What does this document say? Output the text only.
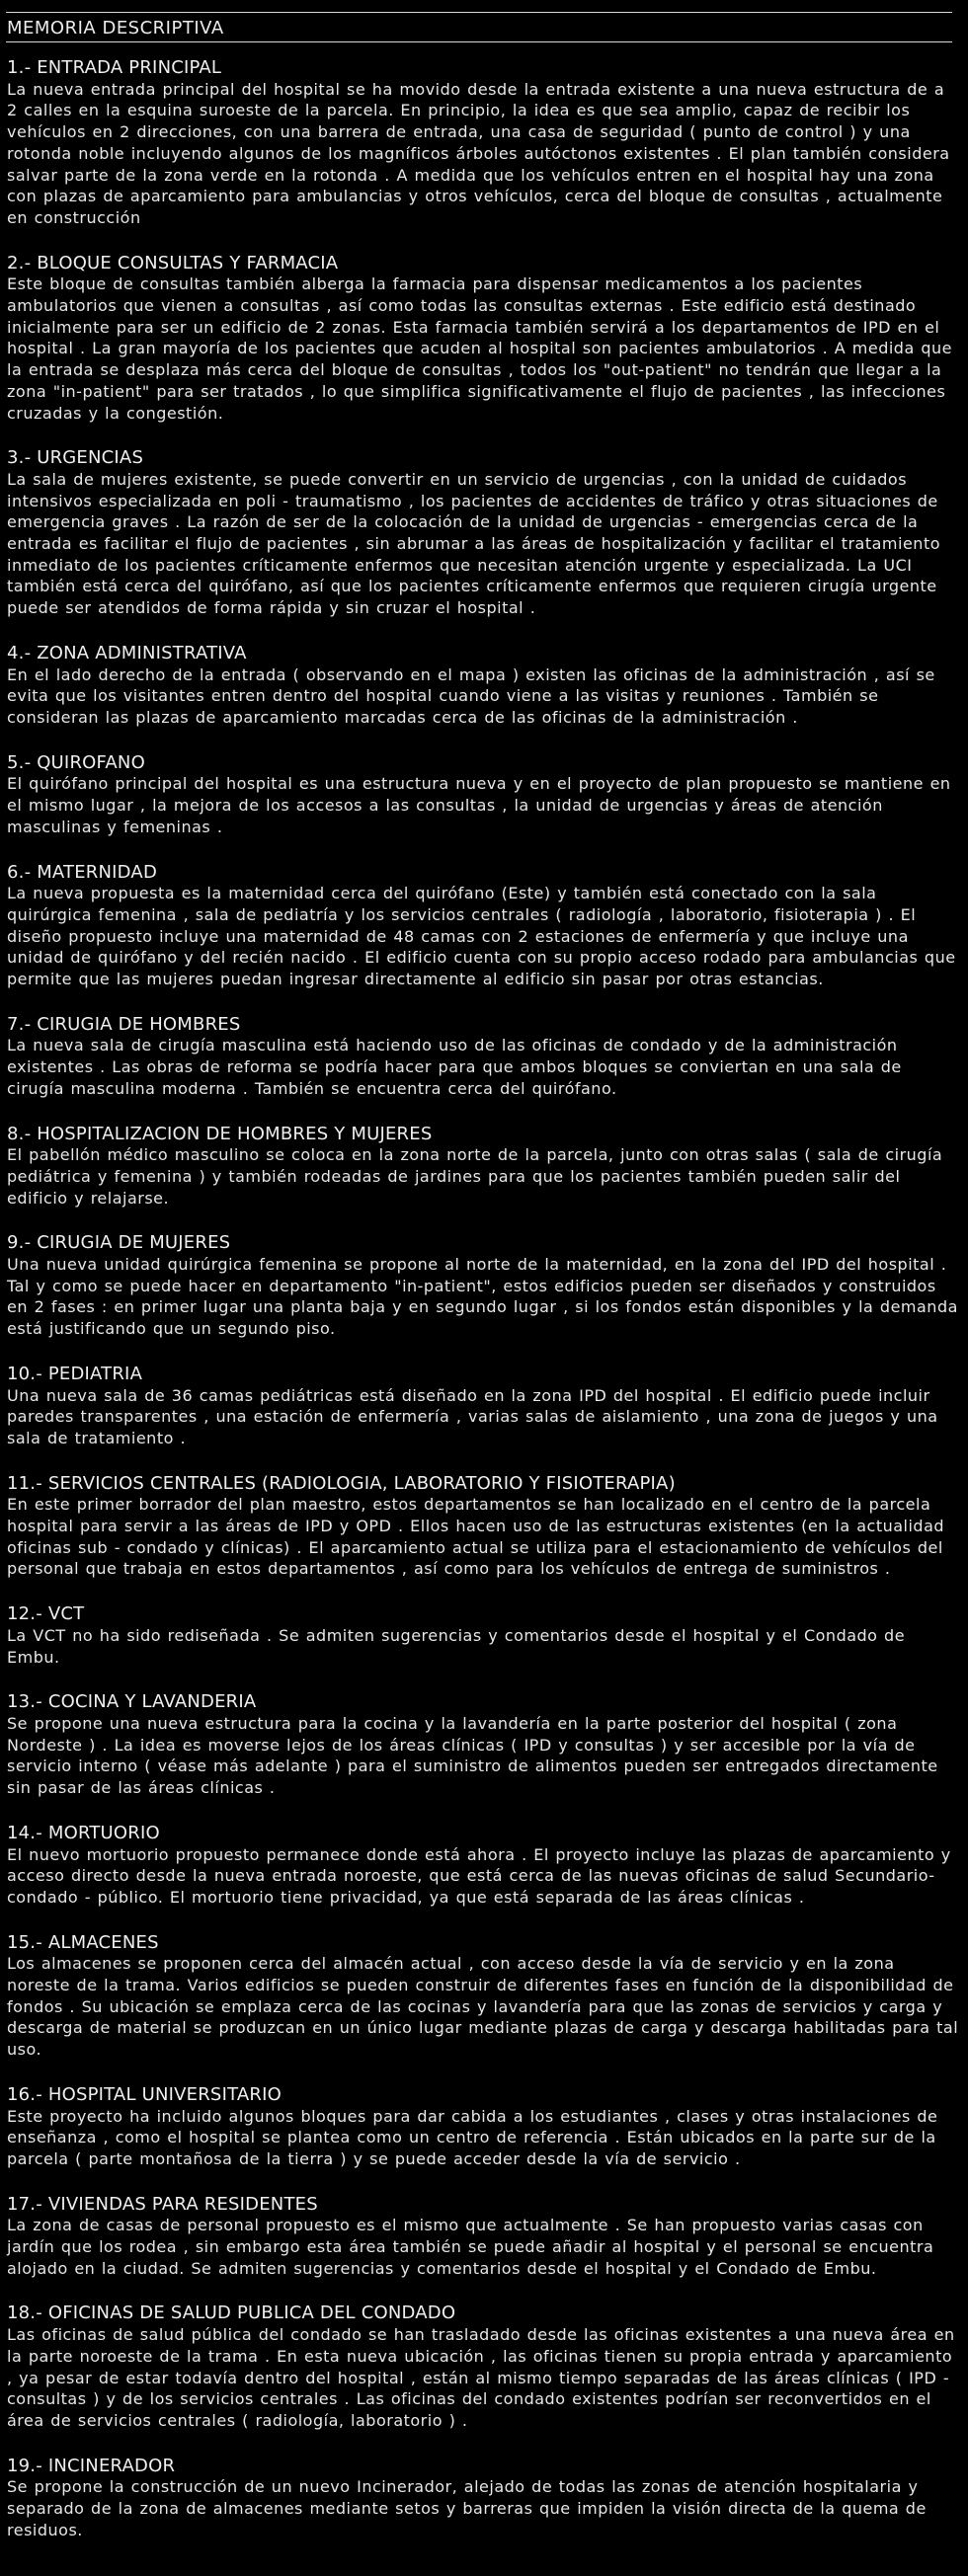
MEMORIA DESCRIPTIVA
1.- ENTRADA PRINCIPAL
La nueva entrada principal del hospital se ha movido desde la entrada existente a una nueva estructura de a 2 calles en la esquina suroeste de la parcela. En principio, la idea es que sea amplio, capaz de recibir los vehículos en 2 direcciones, con una barrera de entrada, una casa de seguridad ( punto de control ) y una rotonda noble incluyendo algunos de los magníficos árboles autóctonos existentes . El plan también considera salvar parte de la zona verde en la rotonda . A medida que los vehículos entren en el hospital hay una zona con plazas de aparcamiento para ambulancias y otros vehículos, cerca del bloque de consultas , actualmente en construcción
2.- BLOQUE CONSULTAS Y FARMACIA
Este bloque de consultas también alberga la farmacia para dispensar medicamentos a los pacientes ambulatorios que vienen a consultas , así como todas las consultas externas . Este edificio está destinado inicialmente para ser un edificio de 2 zonas. Esta farmacia también servirá a los departamentos de IPD en el hospital . La gran mayoría de los pacientes que acuden al hospital son pacientes ambulatorios . A medida que la entrada se desplaza más cerca del bloque de consultas , todos los "out-patient" no tendrán que llegar a la zona "in-patient" para ser tratados , lo que simplifica significativamente el flujo de pacientes , las infecciones cruzadas y la congestión.
3.- URGENCIAS
La sala de mujeres existente, se puede convertir en un servicio de urgencias , con la unidad de cuidados intensivos especializada en poli - traumatismo , los pacientes de accidentes de tráfico y otras situaciones de emergencia graves . La razón de ser de la colocación de la unidad de urgencias - emergencias cerca de la entrada es facilitar el flujo de pacientes , sin abrumar a las áreas de hospitalización y facilitar el tratamiento inmediato de los pacientes críticamente enfermos que necesitan atención urgente y especializada. La UCI también está cerca del quirófano, así que los pacientes críticamente enfermos que requieren cirugía urgente puede ser atendidos de forma rápida y sin cruzar el hospital .
4.- ZONA ADMINISTRATIVA
En el lado derecho de la entrada ( observando en el mapa ) existen las oficinas de la administración , así se evita que los visitantes entren dentro del hospital cuando viene a las visitas y reuniones . También se consideran las plazas de aparcamiento marcadas cerca de las oficinas de la administración .
5.- QUIROFANO
El quirófano principal del hospital es una estructura nueva y en el proyecto de plan propuesto se mantiene en el mismo lugar , la mejora de los accesos a las consultas , la unidad de urgencias y áreas de atención masculinas y femeninas .
6.- MATERNIDAD
La nueva propuesta es la maternidad cerca del quirófano (Este) y también está conectado con la sala quirúrgica femenina , sala de pediatría y los servicios centrales ( radiología , laboratorio, fisioterapia ) . El diseño propuesto incluye una maternidad de 48 camas con 2 estaciones de enfermería y que incluye una unidad de quirófano y del recién nacido . El edificio cuenta con su propio acceso rodado para ambulancias que permite que las mujeres puedan ingresar directamente al edificio sin pasar por otras estancias.
7.- CIRUGIA DE HOMBRES
La nueva sala de cirugía masculina está haciendo uso de las oficinas de condado y de la administración existentes . Las obras de reforma se podría hacer para que ambos bloques se conviertan en una sala de cirugía masculina moderna . También se encuentra cerca del quirófano.
8.- HOSPITALIZACION DE HOMBRES Y MUJERES
El pabellón médico masculino se coloca en la zona norte de la parcela, junto con otras salas ( sala de cirugía pediátrica y femenina ) y también rodeadas de jardines para que los pacientes también pueden salir del edificio y relajarse.
9.- CIRUGIA DE MUJERES
Una nueva unidad quirúrgica femenina se propone al norte de la maternidad, en la zona del IPD del hospital . Tal y como se puede hacer en departamento "in-patient", estos edificios pueden ser diseñados y construidos en 2 fases : en primer lugar una planta baja y en segundo lugar , si los fondos están disponibles y la demanda está justificando que un segundo piso.
10.- PEDIATRIA
Una nueva sala de 36 camas pediátricas está diseñado en la zona IPD del hospital . El edificio puede incluir paredes transparentes , una estación de enfermería , varias salas de aislamiento , una zona de juegos y una sala de tratamiento .
11.- SERVICIOS CENTRALES (RADIOLOGIA, LABORATORIO Y FISIOTERAPIA)
En este primer borrador del plan maestro, estos departamentos se han localizado en el centro de la parcela hospital para servir a las áreas de IPD y OPD . Ellos hacen uso de las estructuras existentes (en la actualidad oficinas sub - condado y clínicas) . El aparcamiento actual se utiliza para el estacionamiento de vehículos del personal que trabaja en estos departamentos , así como para los vehículos de entrega de suministros .
12.- VCT
La VCT no ha sido rediseñada . Se admiten sugerencias y comentarios desde el hospital y el Condado de Embu.
13.- COCINA Y LAVANDERIA
Se propone una nueva estructura para la cocina y la lavandería en la parte posterior del hospital ( zona Nordeste ) . La idea es moverse lejos de los áreas clínicas ( IPD y consultas ) y ser accesible por la vía de servicio interno ( véase más adelante ) para el suministro de alimentos pueden ser entregados directamente sin pasar de las áreas clínicas .
14.- MORTUORIO
El nuevo mortuorio propuesto permanece donde está ahora . El proyecto incluye las plazas de aparcamiento y acceso directo desde la nueva entrada noroeste, que está cerca de las nuevas oficinas de salud Secundario-condado - público. El mortuorio tiene privacidad, ya que está separada de las áreas clínicas .
15.- ALMACENES
Los almacenes se proponen cerca del almacén actual , con acceso desde la vía de servicio y en la zona noreste de la trama. Varios edificios se pueden construir de diferentes fases en función de la disponibilidad de fondos . Su ubicación se emplaza cerca de las cocinas y lavandería para que las zonas de servicios y carga y descarga de material se produzcan en un único lugar mediante plazas de carga y descarga habilitadas para tal uso.
16.- HOSPITAL UNIVERSITARIO
Este proyecto ha incluido algunos bloques para dar cabida a los estudiantes , clases y otras instalaciones de enseñanza , como el hospital se plantea como un centro de referencia . Están ubicados en la parte sur de la parcela ( parte montañosa de la tierra ) y se puede acceder desde la vía de servicio .
17.- VIVIENDAS PARA RESIDENTES
La zona de casas de personal propuesto es el mismo que actualmente . Se han propuesto varias casas con jardín que los rodea , sin embargo esta área también se puede añadir al hospital y el personal se encuentra alojado en la ciudad. Se admiten sugerencias y comentarios desde el hospital y el Condado de Embu.
18.- OFICINAS DE SALUD PUBLICA DEL CONDADO
Las oficinas de salud pública del condado se han trasladado desde las oficinas existentes a una nueva área en la parte noroeste de la trama . En esta nueva ubicación , las oficinas tienen su propia entrada y aparcamiento , ya pesar de estar todavía dentro del hospital , están al mismo tiempo separadas de las áreas clínicas ( IPD - consultas ) y de los servicios centrales . Las oficinas del condado existentes podrían ser reconvertidos en el área de servicios centrales ( radiología, laboratorio ) .
19.- INCINERADOR
Se propone la construcción de un nuevo Incinerador, alejado de todas las zonas de atención hospitalaria y separado de la zona de almacenes mediante setos y barreras que impiden la visión directa de la quema de residuos.
